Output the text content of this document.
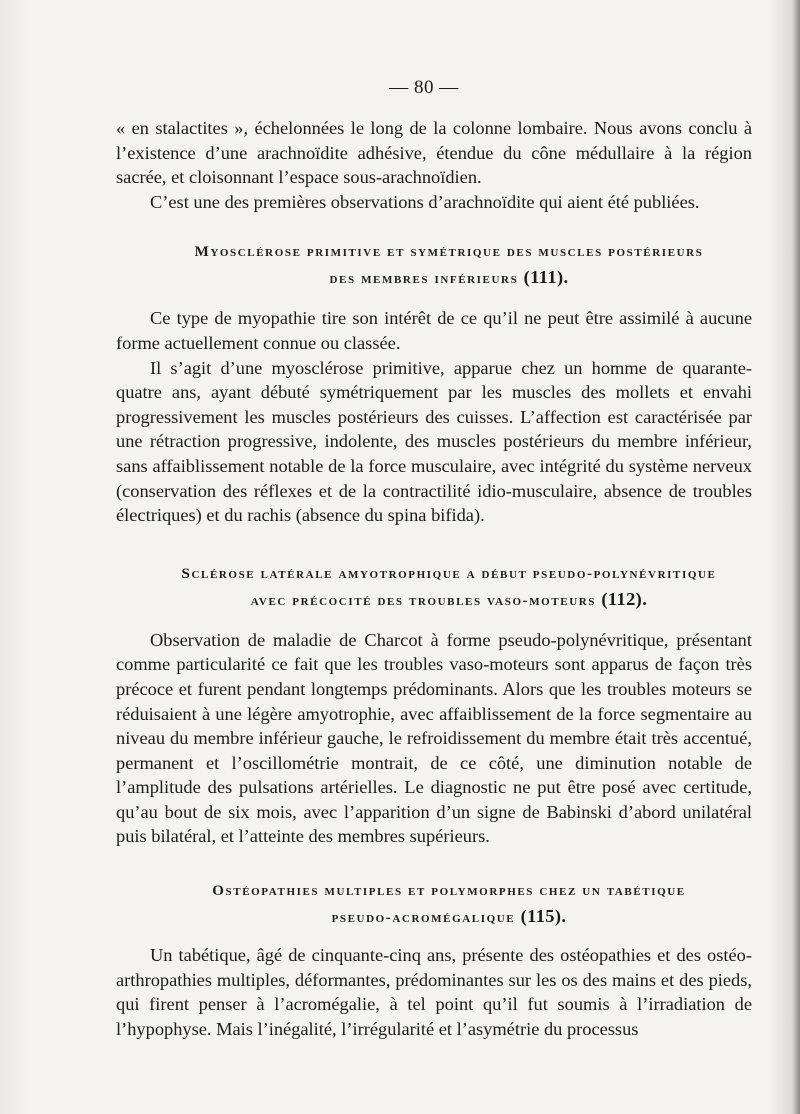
— 80 —

« en stalactites », échelonnées le long de la colonne lombaire. Nous avons conclu à l’existence d’une arachnoïdite adhésive, étendue du cône médullaire à la région sacrée, et cloisonnant l’espace sous-arachnoïdien.

C’est une des premières observations d’arachnoïdite qui aient été publiées.

Myosclérose primitive et symétrique des muscles postérieurs
des membres inférieurs (111).

Ce type de myopathie tire son intérêt de ce qu’il ne peut être assimilé à aucune forme actuellement connue ou classée.

Il s’agit d’une myosclérose primitive, apparue chez un homme de quarante-quatre ans, ayant débuté symétriquement par les muscles des mollets et envahi progressivement les muscles postérieurs des cuisses. L’affection est caractérisée par une rétraction progressive, indolente, des muscles postérieurs du membre inférieur, sans affaiblissement notable de la force musculaire, avec intégrité du système nerveux (conservation des réflexes et de la contractilité idio-musculaire, absence de troubles électriques) et du rachis (absence du spina bifida).

Sclérose latérale amyotrophique a début pseudo-polynévritique
avec précocité des troubles vaso-moteurs (112).

Observation de maladie de Charcot à forme pseudo-polynévritique, présentant comme particularité ce fait que les troubles vaso-moteurs sont apparus de façon très précoce et furent pendant longtemps prédominants. Alors que les troubles moteurs se réduisaient à une légère amyotrophie, avec affaiblissement de la force segmentaire au niveau du membre inférieur gauche, le refroidissement du membre était très accentué, permanent et l’oscillométrie montrait, de ce côté, une diminution notable de l’amplitude des pulsations artérielles. Le diagnostic ne put être posé avec certitude, qu’au bout de six mois, avec l’apparition d’un signe de Babinski d’abord unilatéral puis bilatéral, et l’atteinte des membres supérieurs.

Ostéopathies multiples et polymorphes chez un tabétique
pseudo-acromégalique (115).

Un tabétique, âgé de cinquante-cinq ans, présente des ostéopathies et des ostéo-arthropathies multiples, déformantes, prédominantes sur les os des mains et des pieds, qui firent penser à l’acromégalie, à tel point qu’il fut soumis à l’irradiation de l’hypophyse. Mais l’inégalité, l’irrégularité et l’asymétrie du processus
